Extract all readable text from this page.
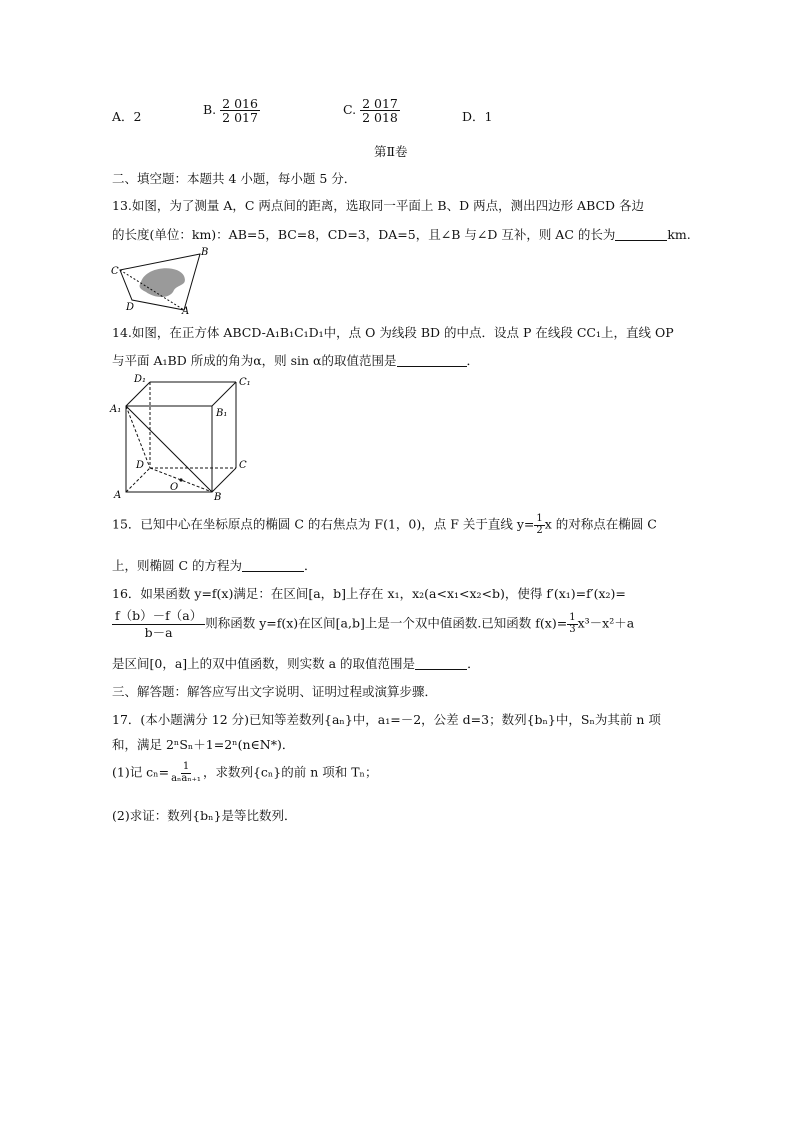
A．2	B. $\frac{2 016}{2 017}$	C. $\frac{2 017}{2 018}$	D．1
第Ⅱ卷
二、填空题：本题共 4 小题，每小题 5 分．
13.如图，为了测量 A，C 两点间的距离，选取同一平面上 B、D 两点，测出四边形 ABCD 各边
的长度(单位：km)：AB=5，BC=8，CD=3，DA=5，且∠B 与∠D 互补，则 AC 的长为	km.
B
C
D	A
14.如图，在正方体 ABCD-A₁B₁C₁D₁中，点 O 为线段 BD 的中点．设点 P 在线段 CC₁上，直线 OP
与平面 A₁BD 所成的角为α，则 sin α的取值范围是	．
D₁	C₁
A₁	B₁
D	C
O
A	B
15．已知中心在坐标原点的椭圆 C 的右焦点为 F(1，0)，点 F 关于直线 $y= \frac{1}{2}$ x 的对称点在椭圆 C
上，则椭圆 C 的方程为	．
16．如果函数 y=f(x)满足：在区间[a，b]上存在 x₁，x₂(a<x₁<x₂<b)，使得 f′(x₁)=f′(x₂)=
$\frac{f(b)-f(a)}{b-a}$ 则称函数 y=f(x)在区间[a,b]上是一个双中值函数.已知函数 $f(x)= \frac{1}{3} x^3-x^2+a$
是区间[0，a]上的双中值函数，则实数 a 的取值范围是	．
三、解答题：解答应写出文字说明、证明过程或演算步骤．
17．(本小题满分 12 分)已知等差数列{aₙ}中，a₁=－2，公差 d=3；数列{bₙ}中，Sₙ为其前 n 项
和，满足 2ⁿSₙ＋1=2ⁿ(n∈N*)．
(1)记 $c_n= \frac{1}{\text{aₙaₙ₊₁}}$ ，求数列{cₙ}的前 n 项和 Tₙ；
(2)求证：数列{bₙ}是等比数列．
